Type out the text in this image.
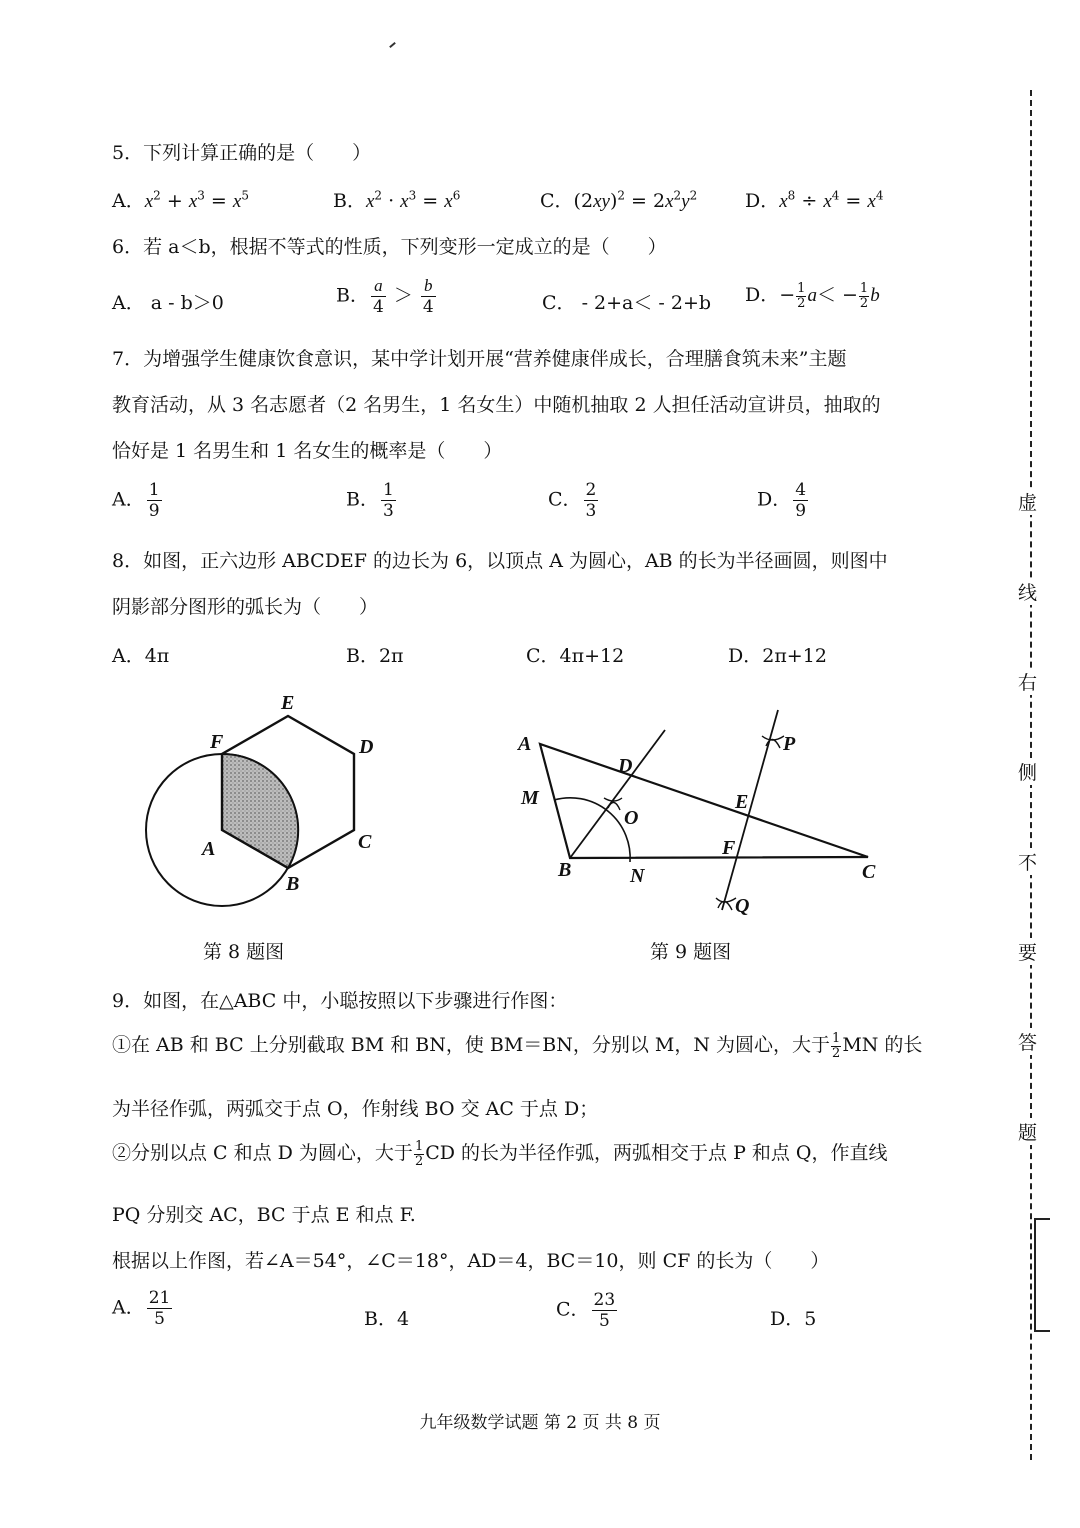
5．下列计算正确的是（　　）
A．$x^2 + x^3 = x^5$	B．$x^2 \cdot x^3 = x^6$	C．$(2xy)^2 = 2x^2y^2$	D．$x^8 \div x^4 = x^4$
6．若 a＜b，根据不等式的性质，下列变形一定成立的是（　　）
A． a - b＞0	B． $\frac{a}{4} > \frac{b}{4}$	C． - 2+a＜ - 2+b D．− $\frac{1}{2} a< - \frac{1}{2}$ b
7．为增强学生健康饮食意识，某中学计划开展“营养健康伴成长，合理膳食筑未来”主题
教育活动，从 3 名志愿者（2 名男生，1 名女生）中随机抽取 2 人担任活动宣讲员，抽取的
恰好是 1 名男生和 1 名女生的概率是（　　）
A． $\frac{1}{9}$	B． $\frac{1}{3}$	C． $\frac{2}{3}$	D． $\frac{4}{9}$
8．如图，正六边形 ABCDEF 的边长为 6，以顶点 A 为圆心，AB 的长为半径画圆，则图中
阴影部分图形的弧长为（　　）
A．4π	B．2π	C．4π+12	D．2π+12
A
B
C
D
E
F
第 8 题图
A
B	C
D
E
F
M
N
O
P
Q
第 9 题图
9．如图，在△ABC 中，小聪按照以下步骤进行作图：
①在 AB 和 BC 上分别截取 BM 和 BN，使 BM＝BN，分别以 M，N 为圆心，大于 $\frac{1}{2}$ MN 的长
为半径作弧，两弧交于点 O，作射线 BO 交 AC 于点 D；
②分别以点 C 和点 D 为圆心，大于 $\frac{1}{2}$ CD 的长为半径作弧，两弧相交于点 P 和点 Q，作直线
PQ 分别交 AC，BC 于点 E 和点 F.
根据以上作图，若∠A＝54°，∠C＝18°，AD＝4，BC＝10，则 CF 的长为（　　）
A． $\frac{21}{5}$	B．4	C． $\frac{23}{5}$	D．5
虚
线
右
侧
不
要
答
题
九年级数学试题 第 2 页 共 8 页
